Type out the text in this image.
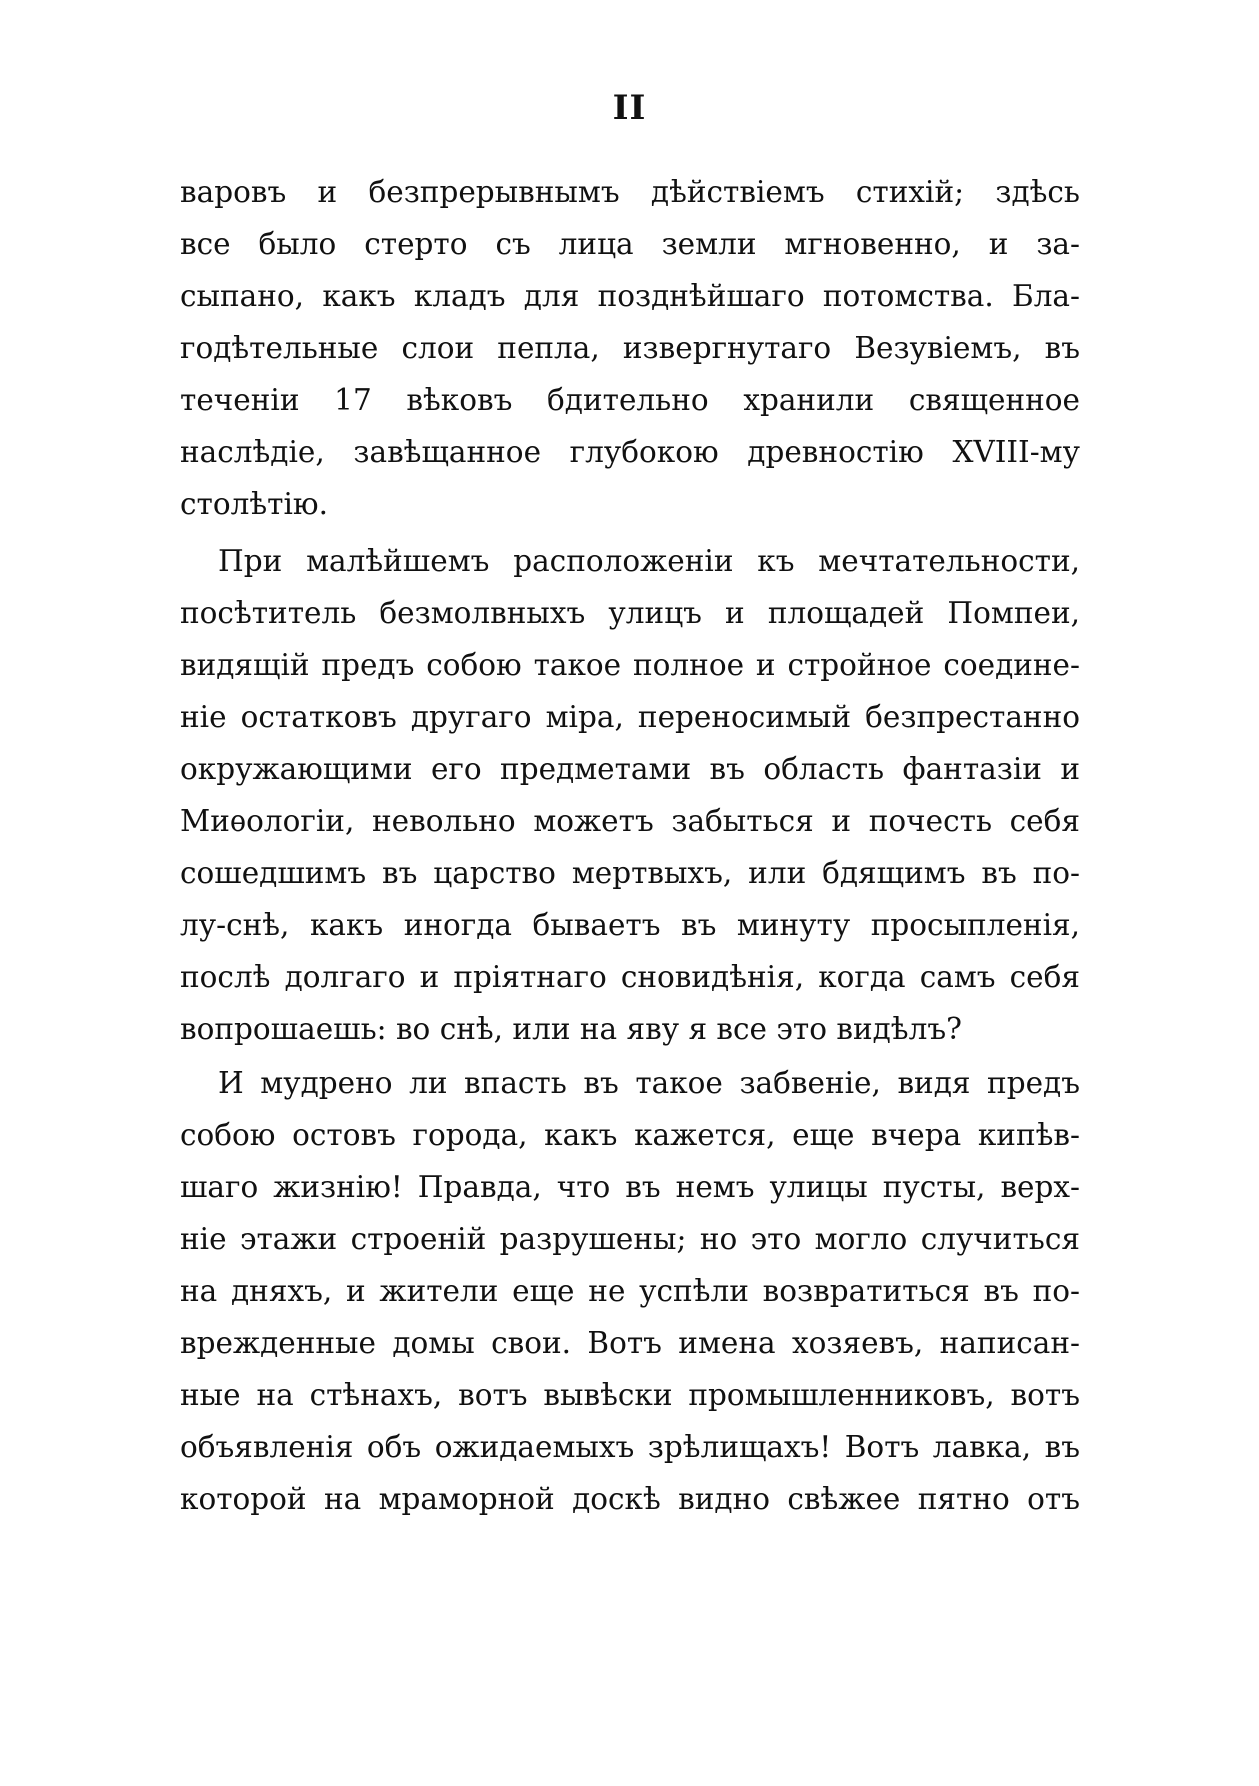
II
варовъ и безпрерывнымъ дѣйствіемъ стихій; здѣсь
все было стерто съ лица земли мгновенно, и за-
сыпано, какъ кладъ для позднѣйшаго потомства. Бла-
годѣтельные слои пепла, извергнутаго Везувіемъ, въ
теченіи 17 вѣковъ бдительно хранили священное
наслѣдіе, завѣщанное глубокою древностію XVIII-му
столѣтію.
При малѣйшемъ расположеніи къ мечтательности,
посѣтитель безмолвныхъ улицъ и площадей Помпеи,
видящій предъ собою такое полное и стройное соедине-
ніе остатковъ другаго міра, переносимый безпрестанно
окружающими его предметами въ область фантазіи и
Миѳологіи, невольно можетъ забыться и почесть себя
сошедшимъ въ царство мертвыхъ, или бдящимъ въ по-
лу-снѣ, какъ иногда бываетъ въ минуту просыпленія,
послѣ долгаго и пріятнаго сновидѣнія, когда самъ себя
вопрошаешь: во снѣ, или на яву я все это видѣлъ?
И мудрено ли впасть въ такое забвеніе, видя предъ
собою остовъ города, какъ кажется, еще вчера кипѣв-
шаго жизнію! Правда, что въ немъ улицы пусты, верх-
ніе этажи строеній разрушены; но это могло случиться
на дняхъ, и жители еще не успѣли возвратиться въ по-
врежденные домы свои. Вотъ имена хозяевъ, написан-
ные на стѣнахъ, вотъ вывѣски промышленниковъ, вотъ
объявленія объ ожидаемыхъ зрѣлищахъ! Вотъ лавка, въ
которой на мраморной доскѣ видно свѣжее пятно отъ
